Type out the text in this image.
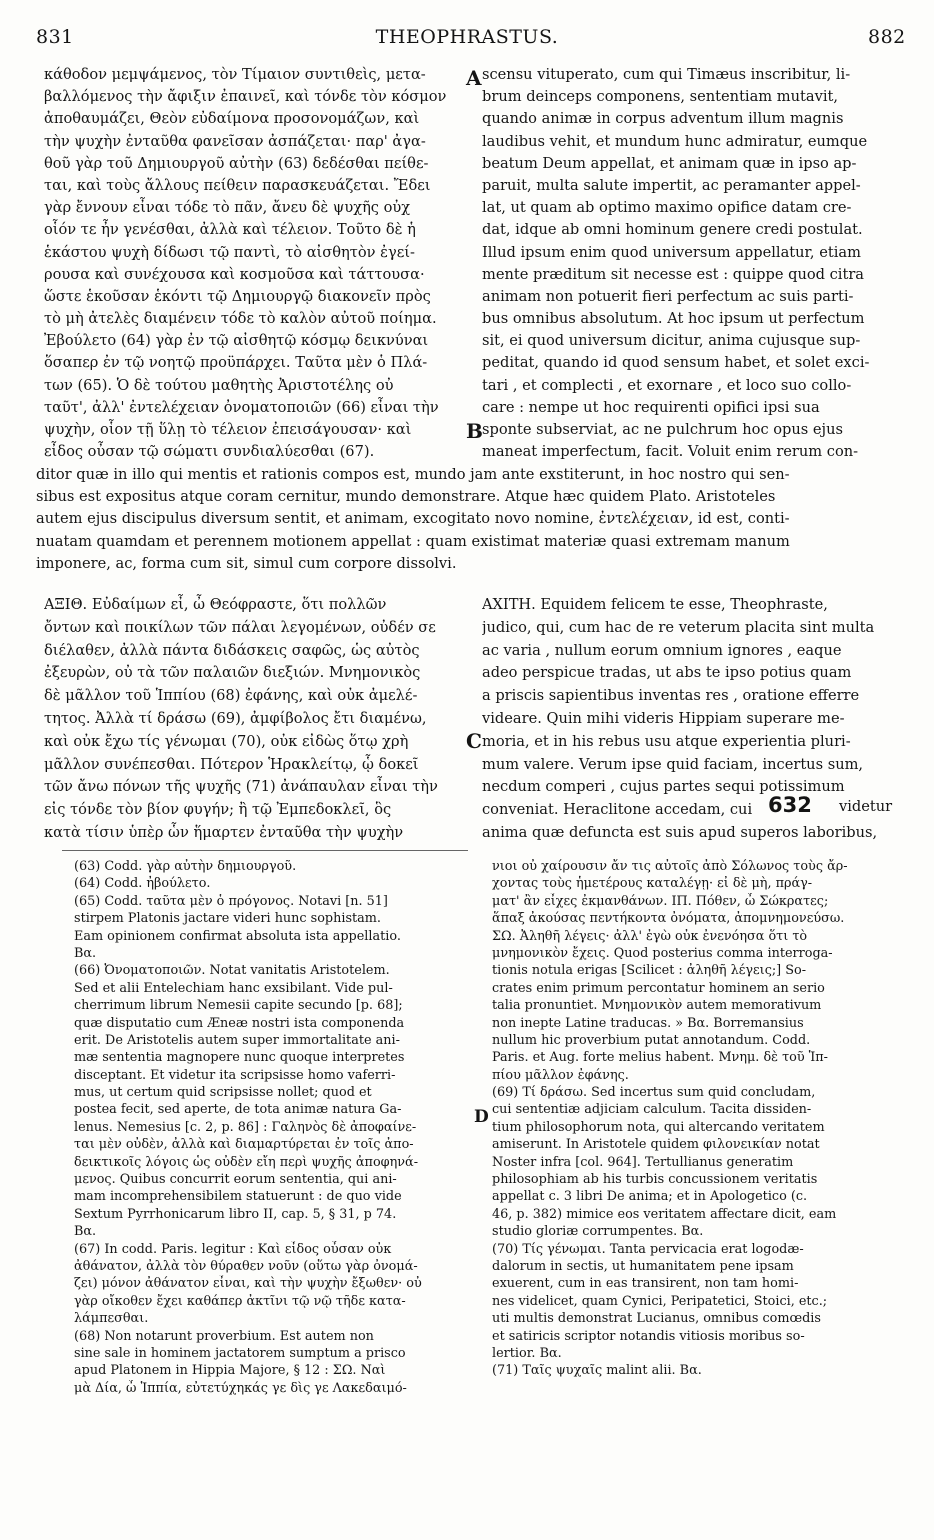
831	THEOPHRASTUS.	882
κάθοδον μεμψάμενος, τὸν Τίμαιον συντιθεὶς, μετα-
βαλλόμενος τὴν ἄφιξιν ἐπαινεῖ, καὶ τόνδε τὸν κόσμον
ἀποθαυμάζει, Θεὸν εὐδαίμονα προσονομάζων, καὶ
τὴν ψυχὴν ἐνταῦθα φανεῖσαν ἀσπάζεται· παρ' ἀγα-
θοῦ γὰρ τοῦ Δημιουργοῦ αὐτὴν (63) δεδέσθαι πείθε-
ται, καὶ τοὺς ἄλλους πείθειν παρασκευάζεται. Ἔδει
γὰρ ἔννουν εἶναι τόδε τὸ πᾶν, ἄνευ δὲ ψυχῆς οὐχ
οἷόν τε ἦν γενέσθαι, ἀλλὰ καὶ τέλειον. Τοῦτο δὲ ἡ
ἑκάστου ψυχὴ δίδωσι τῷ παντὶ, τὸ αἰσθητὸν ἐγεί-
ρουσα καὶ συνέχουσα καὶ κοσμοῦσα καὶ τάττουσα·
ὥστε ἑκοῦσαν ἑκόντι τῷ Δημιουργῷ διακονεῖν πρὸς
τὸ μὴ ἀτελὲς διαμένειν τόδε τὸ καλὸν αὐτοῦ ποίημα.
Ἐβούλετο (64) γὰρ ἐν τῷ αἰσθητῷ κόσμῳ δεικνύναι
ὅσαπερ ἐν τῷ νοητῷ προϋπάρχει. Ταῦτα μὲν ὁ Πλά-
των (65). Ὁ δὲ τούτου μαθητὴς Ἀριστοτέλης οὐ
ταῦτ', ἀλλ' ἐντελέχειαν ὀνοματοποιῶν (66) εἶναι τὴν
ψυχὴν, οἷον τῇ ὕλῃ τὸ τέλειον ἐπεισάγουσαν· καὶ
εἶδος οὖσαν τῷ σώματι συνδιαλύεσθαι (67).
scensu vituperato, cum qui Timæus inscribitur, li-
brum deinceps componens, sententiam mutavit,
quando animæ in corpus adventum illum magnis
laudibus vehit, et mundum hunc admiratur, eumque
beatum Deum appellat, et animam quæ in ipso ap-
paruit, multa salute impertit, ac peramanter appel-
lat, ut quam ab optimo maximo opifice datam cre-
dat, idque ab omni hominum genere credi postulat.
Illud ipsum enim quod universum appellatur, etiam
mente præditum sit necesse est : quippe quod citra
animam non potuerit fieri perfectum ac suis parti-
bus omnibus absolutum. At hoc ipsum ut perfectum
sit, ei quod universum dicitur, anima cujusque sup-
peditat, quando id quod sensum habet, et solet exci-
tari , et complecti , et exornare , et loco suo collo-
care : nempe ut hoc requirenti opifici ipsi sua
sponte subserviat, ac ne pulchrum hoc opus ejus
maneat imperfectum, facit. Voluit enim rerum con-
A
B
ditor quæ in illo qui mentis et rationis compos est, mundo jam ante exstiterunt, in hoc nostro qui sen-
sibus est expositus atque coram cernitur, mundo demonstrare. Atque hæc quidem Plato. Aristoteles
autem ejus discipulus diversum sentit, et animam, excogitato novo nomine, ἐντελέχειαν, id est, conti-
nuatam quamdam et perennem motionem appellat : quam existimat materiæ quasi extremam manum
imponere, ac, forma cum sit, simul cum corpore dissolvi.
ΑΞΙΘ. Εὐδαίμων εἶ, ὦ Θεόφραστε, ὅτι πολλῶν
ὄντων καὶ ποικίλων τῶν πάλαι λεγομένων, οὐδέν σε
διέλαθεν, ἀλλὰ πάντα διδάσκεις σαφῶς, ὡς αὐτὸς
ἐξευρὼν, οὐ τὰ τῶν παλαιῶν διεξιών. Μνημονικὸς
δὲ μᾶλλον τοῦ Ἱππίου (68) ἐφάνης, καὶ οὐκ ἀμελέ-
τητος. Ἀλλὰ τί δράσω (69), ἀμφίβολος ἔτι διαμένω,
καὶ οὐκ ἔχω τίς γένωμαι (70), οὐκ εἰδὼς ὅτῳ χρὴ
μᾶλλον συνέπεσθαι. Πότερον Ἡρακλείτῳ, ᾧ δοκεῖ
τῶν ἄνω πόνων τῆς ψυχῆς (71) ἀνάπαυλαν εἶναι τὴν
εἰς τόνδε τὸν βίον φυγήν; ἢ τῷ Ἐμπεδοκλεῖ, ὃς
κατὰ τίσιν ὑπὲρ ὧν ἥμαρτεν ἐνταῦθα τὴν ψυχὴν
AXITH. Equidem felicem te esse, Theophraste,
judico, qui, cum hac de re veterum placita sint multa
ac varia , nullum eorum omnium ignores , eaque
adeo perspicue tradas, ut abs te ipso potius quam
a priscis sapientibus inventas res , oratione efferre
videare. Quin mihi videris Hippiam superare me-
moria, et in his rebus usu atque experientia pluri-
mum valere. Verum ipse quid faciam, incertus sum,
necdum comperi , cujus partes sequi potissimum
conveniat. Heraclitone accedam, cui
anima quæ defuncta est suis apud superos laboribus,
C
632 videtur
(63) Codd. γὰρ αὐτὴν δημιουργοῦ.
(64) Codd. ἠβούλετο.
(65) Codd. ταῦτα μὲν ὁ πρόγονος. Notavi [n. 51]
stirpem Platonis jactare videri hunc sophistam.
Eam opinionem confirmat absoluta ista appellatio.
Bα.
(66) Ὀνοματοποιῶν. Notat vanitatis Aristotelem.
Sed et alii Entelechiam hanc exsibilant. Vide pul-
cherrimum librum Nemesii capite secundo [p. 68];
quæ disputatio cum Æneæ nostri ista componenda
erit. De Aristotelis autem super immortalitate ani-
mæ sententia magnopere nunc quoque interpretes
disceptant. Et videtur ita scripsisse homo vaferri-
mus, ut certum quid scripsisse nollet; quod et
postea fecit, sed aperte, de tota animæ natura Ga-
lenus. Nemesius [c. 2, p. 86] : Γαληνὸς δὲ ἀποφαίνε-
ται μὲν οὐδὲν, ἀλλὰ καὶ διαμαρτύρεται ἐν τοῖς ἀπο-
δεικτικοῖς λόγοις ὡς οὐδὲν εἴη περὶ ψυχῆς ἀποφηνά-
μενος. Quibus concurrit eorum sententia, qui ani-
mam incomprehensibilem statuerunt : de quo vide
Sextum Pyrrhonicarum libro II, cap. 5, § 31, p 74.
Bα.
(67) In codd. Paris. legitur : Καὶ εἶδος οὖσαν οὐκ
ἀθάνατον, ἀλλὰ τὸν θύραθεν νοῦν (οὕτω γὰρ ὀνομά-
ζει) μόνον ἀθάνατον εἶναι, καὶ τὴν ψυχὴν ἔξωθεν· οὐ
γὰρ οἴκοθεν ἔχει καθάπερ ἀκτῖνι τῷ νῷ τῆδε κατα-
λάμπεσθαι.
(68) Non notarunt proverbium. Est autem non
sine sale in hominem jactatorem sumptum a prisco
apud Platonem in Hippia Majore, § 12 : ΣΩ. Ναὶ
μὰ Δία, ὦ Ἱππία, εὐτετύχηκάς γε δὶς γε Λακεδαιμό-
νιοι οὐ χαίρουσιν ἄν τις αὐτοῖς ἀπὸ Σόλωνος τοὺς ἄρ-
χοντας τοὺς ἡμετέρους καταλέγῃ· εἰ δὲ μὴ, πράγ-
ματ' ἂν εἶχες ἐκμανθάνων. ΙΠ. Πόθεν, ὦ Σώκρατες;
ἅπαξ ἀκούσας πεντήκοντα ὀνόματα, ἀπομνημονεύσω.
ΣΩ. Ἀληθῆ λέγεις· ἀλλ' ἐγὼ οὐκ ἐνενόησα ὅτι τὸ
μνημονικὸν ἔχεις. Quod posterius comma interroga-
tionis notula erigas [Scilicet : ἀληθῆ λέγεις;] So-
crates enim primum percontatur hominem an serio
talia pronuntiet. Μνημονικὸν autem memorativum
non inepte Latine traducas. » Bα. Borremansius
nullum hic proverbium putat annotandum. Codd.
Paris. et Aug. forte melius habent. Μνημ. δὲ τοῦ Ἱπ-
πίου μᾶλλον ἐφάνης.
(69) Τί δράσω. Sed incertus sum quid concludam,
cui sententiæ adjiciam calculum. Tacita dissiden-
tium philosophorum nota, qui altercando veritatem
amiserunt. In Aristotele quidem φιλονεικίαν notat
Noster infra [col. 964]. Tertullianus generatim
philosophiam ab his turbis concussionem veritatis
appellat c. 3 libri De anima; et in Apologetico (c.
46, p. 382) mimice eos veritatem affectare dicit, eam
studio gloriæ corrumpentes. Bα.
(70) Τίς γένωμαι. Tanta pervicacia erat logodæ-
dalorum in sectis, ut humanitatem pene ipsam
exuerent, cum in eas transirent, non tam homi-
nes videlicet, quam Cynici, Peripatetici, Stoici, etc.;
uti multis demonstrat Lucianus, omnibus comœdis
et satiricis scriptor notandis vitiosis moribus so-
lertior. Bα.
(71) Ταῖς ψυχαῖς malint alii. Bα.
D
